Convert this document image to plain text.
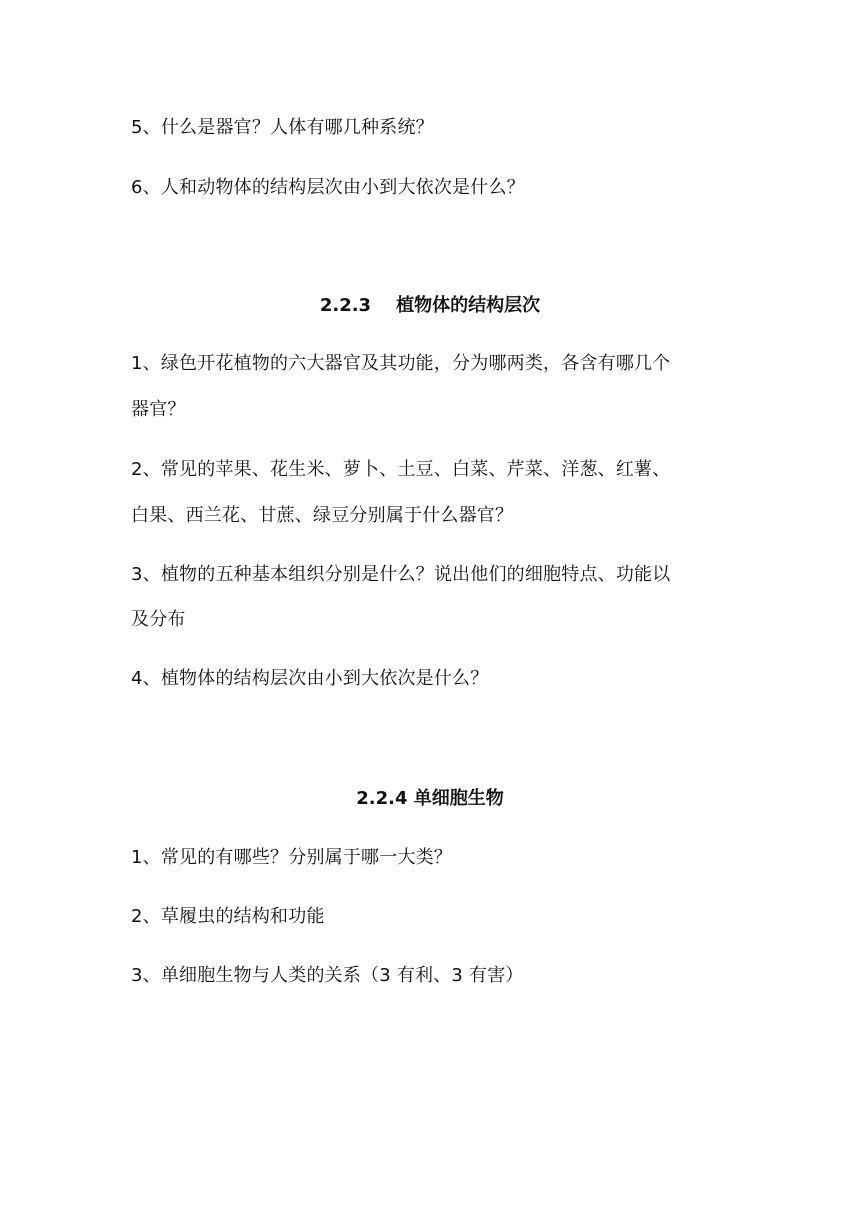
5、什么是器官？人体有哪几种系统？
6、人和动物体的结构层次由小到大依次是什么？
2.2.3    植物体的结构层次
1、绿色开花植物的六大器官及其功能，分为哪两类，各含有哪几个
器官？
2、常见的苹果、花生米、萝卜、土豆、白菜、芹菜、洋葱、红薯、
白果、西兰花、甘蔗、绿豆分别属于什么器官？
3、植物的五种基本组织分别是什么？说出他们的细胞特点、功能以
及分布
4、植物体的结构层次由小到大依次是什么？
2.2.4 单细胞生物
1、常见的有哪些？分别属于哪一大类？
2、草履虫的结构和功能
3、单细胞生物与人类的关系（3 有利、3 有害）
